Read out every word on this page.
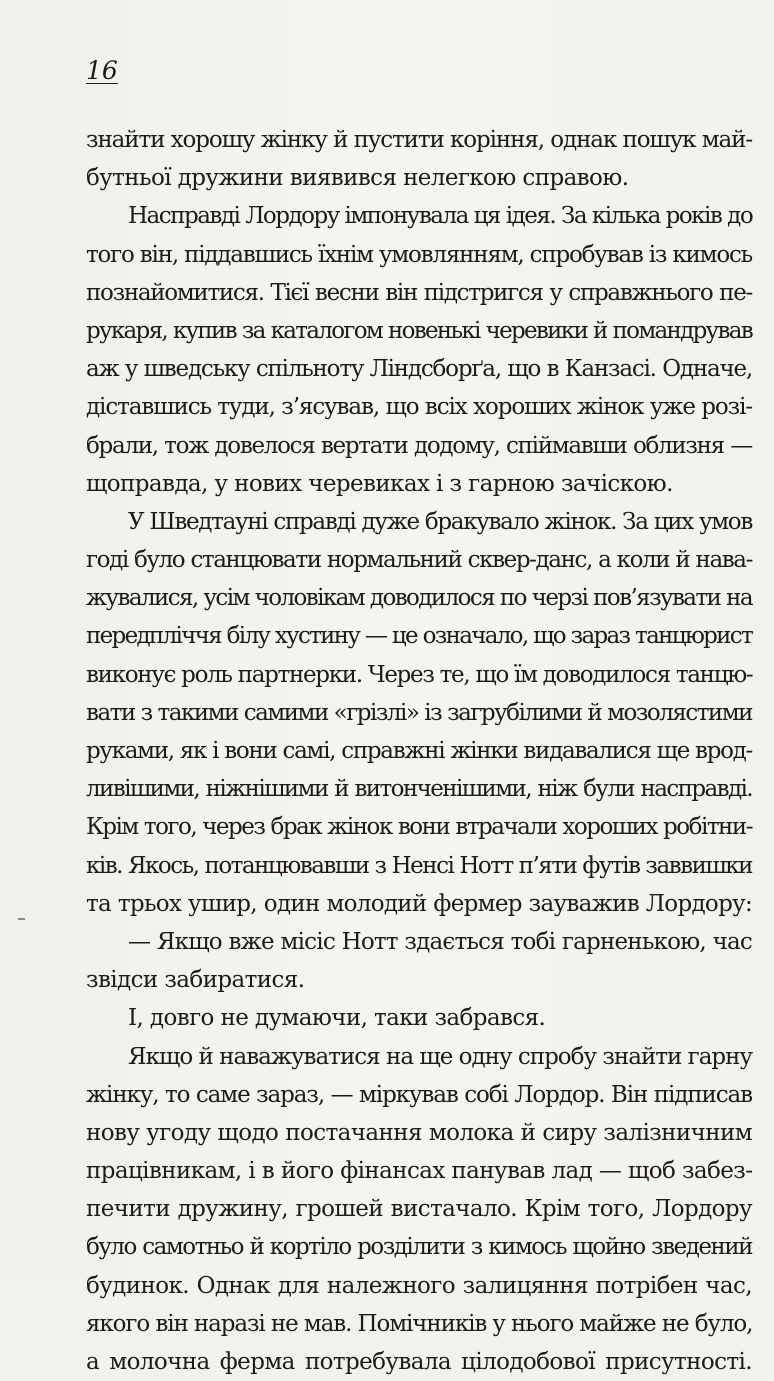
16
знайти хорошу жінку й пустити коріння, однак пошук май-
бутньої дружини виявився нелегкою справою.
Насправді Лордору імпонувала ця ідея. За кілька років до
того він, піддавшись їхнім умовлянням, спробував із кимось
познайомитися. Тієї весни він підстригся у справжнього пе-
рукаря, купив за каталогом новенькі черевики й помандрував
аж у шведську спільноту Ліндсборґа, що в Канзасі. Одначе,
діставшись туди, з’ясував, що всіх хороших жінок уже розі-
брали, тож довелося вертати додому, спіймавши облизня —
щоправда, у нових черевиках і з гарною зачіскою.
У Шведтауні справді дуже бракувало жінок. За цих умов
годі було станцювати нормальний сквер-данс, а коли й нава-
жувалися, усім чоловікам доводилося по черзі пов’язувати на
передпліччя білу хустину — це означало, що зараз танцюрист
виконує роль партнерки. Через те, що їм доводилося танцю-
вати з такими самими «грізлі» із загрубілими й мозолястими
руками, як і вони самі, справжні жінки видавалися ще врод-
ливішими, ніжнішими й витонченішими, ніж були насправді.
Крім того, через брак жінок вони втрачали хороших робітни-
ків. Якось, потанцювавши з Ненсі Нотт п’яти футів заввишки
та трьох ушир, один молодий фермер зауважив Лордору:
— Якщо вже місіс Нотт здається тобі гарненькою, час
звідси забиратися.
І, довго не думаючи, таки забрався.
Якщо й наважуватися на ще одну спробу знайти гарну
жінку, то саме зараз, — міркував собі Лордор. Він підписав
нову угоду щодо постачання молока й сиру залізничним
працівникам, і в його фінансах панував лад — щоб забез-
печити дружину, грошей вистачало. Крім того, Лордору
було самотньо й кортіло розділити з кимось щойно зведений
будинок. Однак для належного залицяння потрібен час,
якого він наразі не мав. Помічників у нього майже не було,
а молочна ферма потребувала цілодобової присутності.
